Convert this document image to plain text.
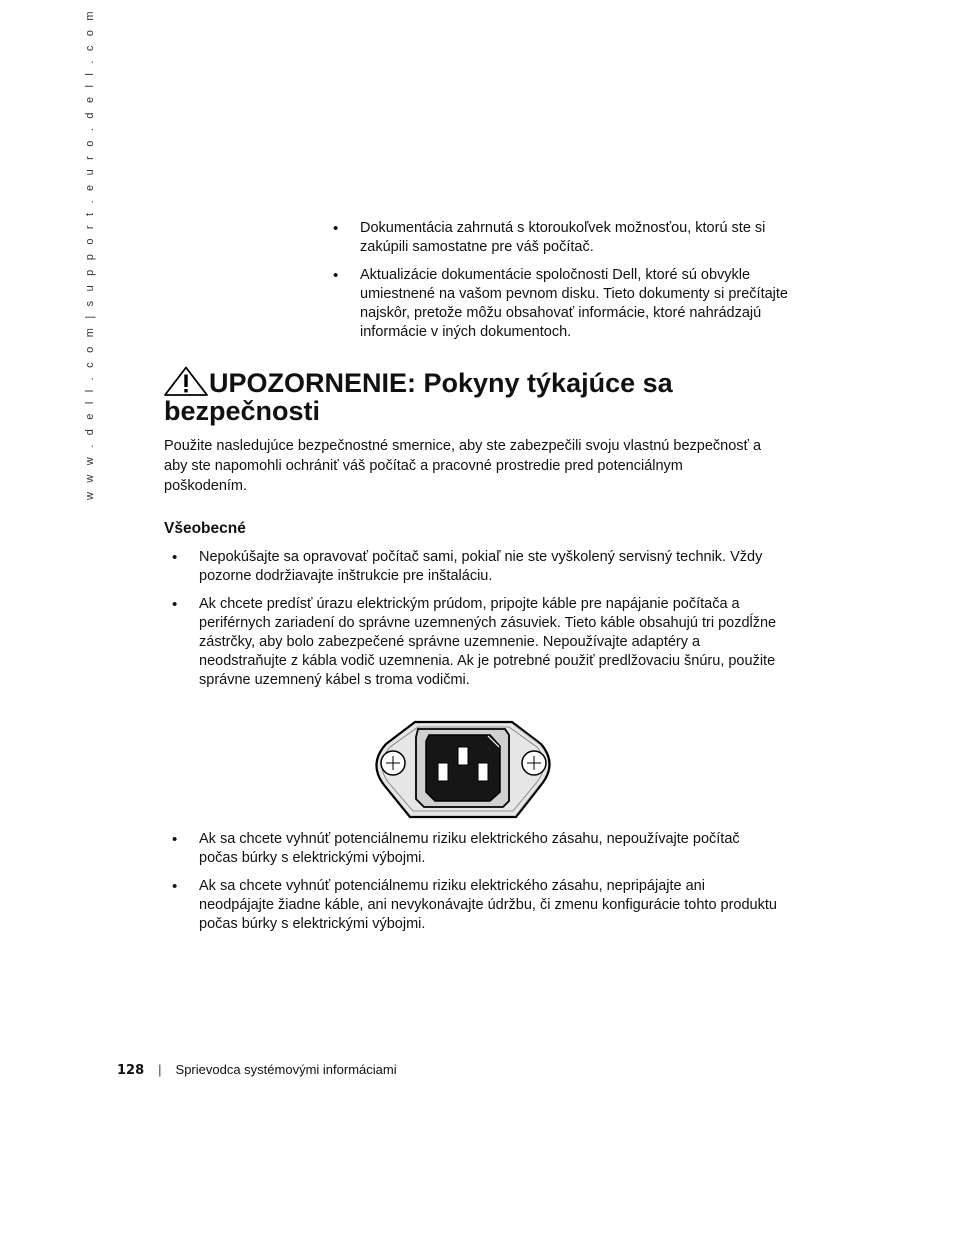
w w w . d e l l . c o m | s u p p o r t . e u r o . d e l l . c o m
•	Dokumentácia zahrnutá s ktoroukoľvek možnosťou, ktorú ste si zakúpili samostatne pre váš počítač.
• Aktualizácie dokumentácie spoločnosti Dell, ktoré sú obvykle umiestnené na vašom pevnom disku. Tieto dokumenty si prečítajte najskôr, pretože môžu obsahovať informácie, ktoré nahrádzajú informácie v iných dokumentoch.
UPOZORNENIE: Pokyny týkajúce sa bezpečnosti

Použite nasledujúce bezpečnostné smernice, aby ste zabezpečili svoju vlastnú bezpečnosť a aby ste napomohli ochrániť váš počítač a pracovné prostredie pred potenciálnym poškodením.

Všeobecné
• Nepokúšajte sa opravovať počítač sami, pokiaľ nie ste vyškolený servisný technik. Vždy pozorne dodržiavajte inštrukcie pre inštaláciu.
• Ak chcete predísť úrazu elektrickým prúdom, pripojte káble pre napájanie počítača a periférnych zariadení do správne uzemnených zásuviek. Tieto káble obsahujú tri pozdĺžne zástrčky, aby bolo zabezpečené správne uzemnenie. Nepoužívajte adaptéry a neodstraňujte z kábla vodič uzemnenia. Ak je potrebné použiť predlžovaciu šnúru, použite správne uzemnený kábel s troma vodičmi.
• Ak sa chcete vyhnúť potenciálnemu riziku elektrického zásahu, nepoužívajte počítač počas búrky s elektrickými výbojmi.
• Ak sa chcete vyhnúť potenciálnemu riziku elektrického zásahu, nepripájajte ani neodpájajte žiadne káble, ani nevykonávajte údržbu, či zmenu konfigurácie tohto produktu počas búrky s elektrickými výbojmi.
128 | Sprievodca systémovými informáciami
